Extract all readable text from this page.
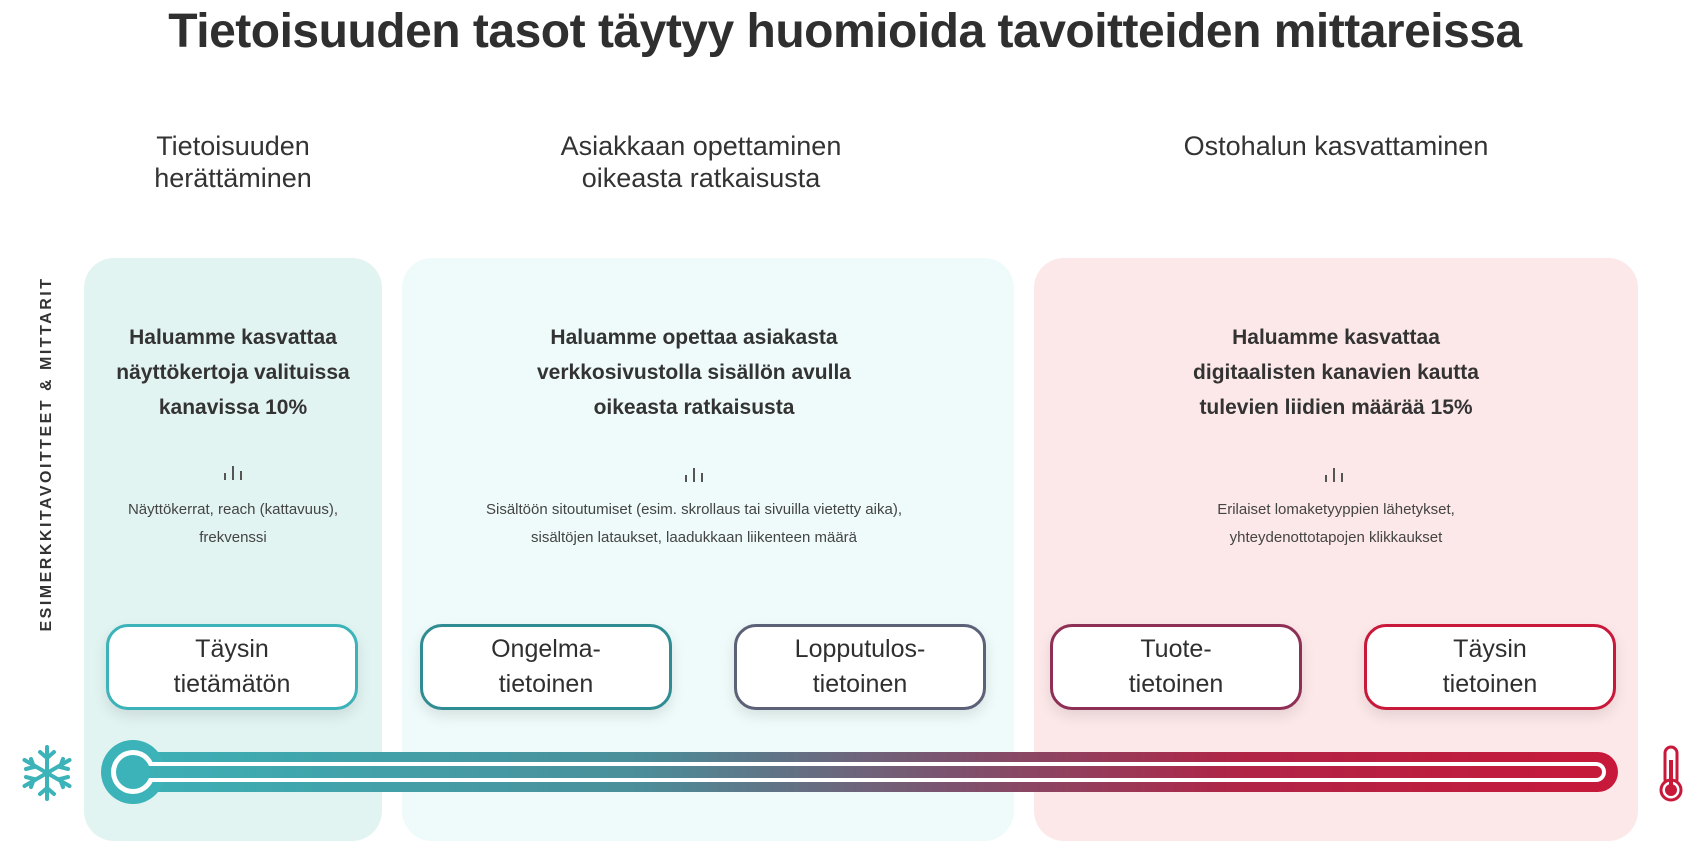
Tietoisuuden tasot täytyy huomioida tavoitteiden mittareissa
Tietoisuuden
herättäminen
Asiakkaan opettaminen
oikeasta ratkaisusta
Ostohalun kasvattaminen
ESIMERKKITAVOITTEET & MITTARIT	Haluamme kasvattaa
näyttökertoja valituissa
kanavissa 10%
Haluamme opettaa asiakasta
verkkosivustolla sisällön avulla
oikeasta ratkaisusta
Haluamme kasvattaa
digitaalisten kanavien kautta
tulevien liidien määrää 15%
Näyttökerrat, reach (kattavuus),
frekvenssi
Sisältöön sitoutumiset (esim. skrollaus tai sivuilla vietetty aika),
sisältöjen lataukset, laadukkaan liikenteen määrä
Erilaiset lomaketyyppien lähetykset,
yhteydenottotapojen klikkaukset
Täysin
tietämätön
Ongelma-
tietoinen
Lopputulos-
tietoinen
Tuote-
tietoinen
Täysin
tietoinen
